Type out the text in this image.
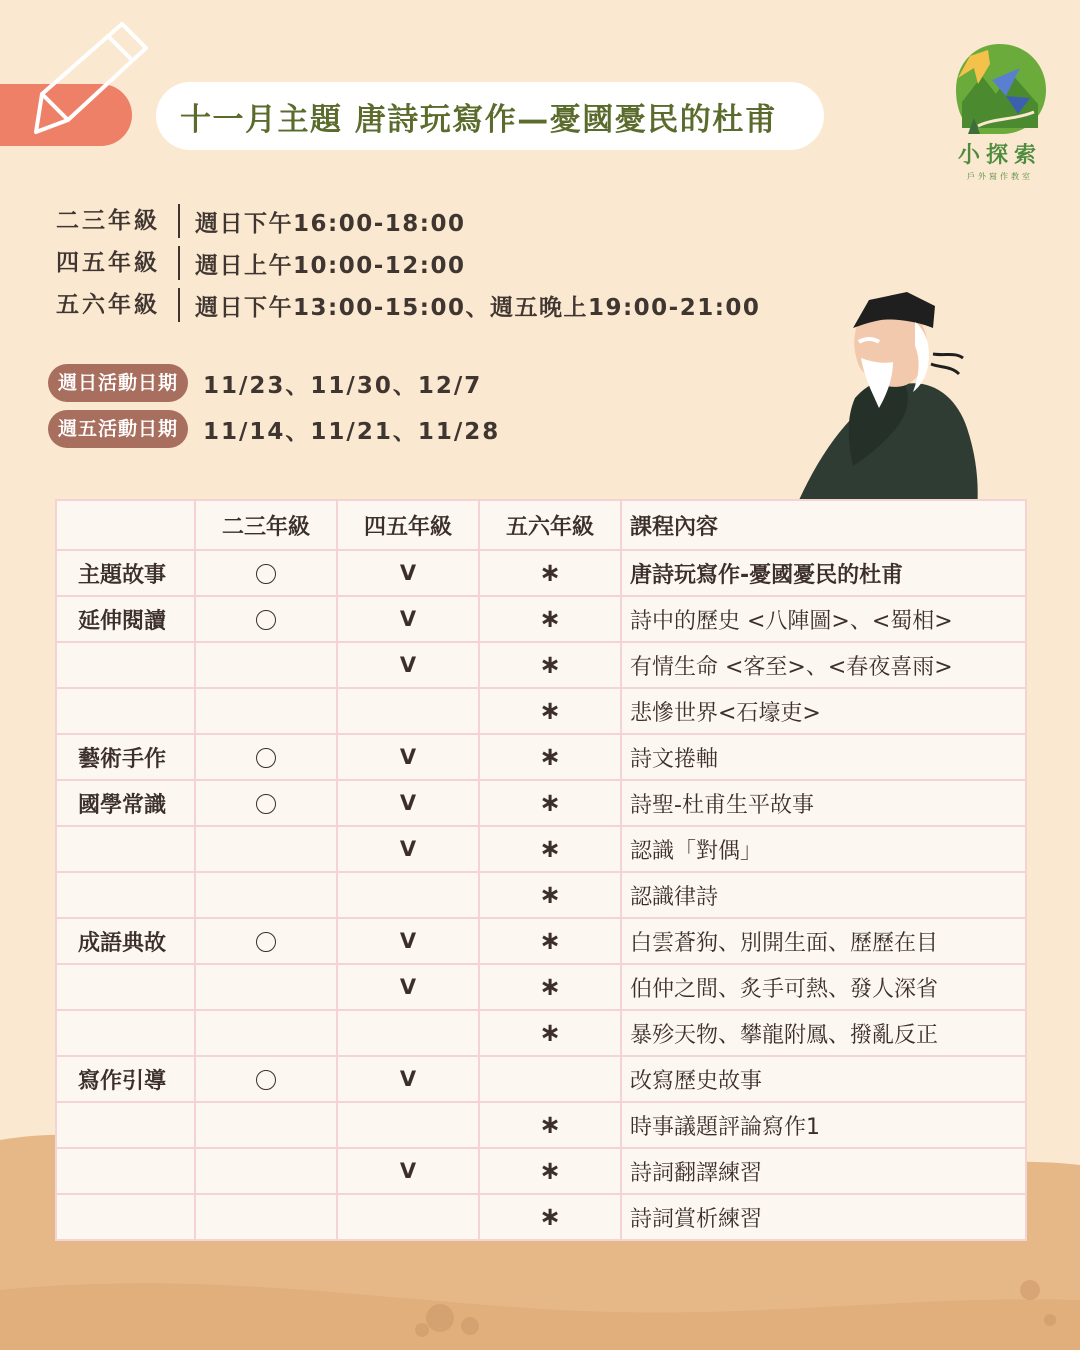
十一月主題 唐詩玩寫作—憂國憂民的杜甫
小探索
戶外寫作教室
二三年級	週日下午16:00-18:00
四五年級	週日上午10:00-12:00
五六年級	週日下午13:00-15:00、週五晚上19:00-21:00
週日活動日期	11/23、11/30、12/7
週五活動日期	11/14、11/21、11/28
	二三年級	四五年級	五六年級	課程內容
主題故事		V	∗	唐詩玩寫作-憂國憂民的杜甫
延伸閱讀		V	∗	詩中的歷史 <八陣圖>、<蜀相>
		V	∗	有情生命 <客至>、<春夜喜雨>
			∗	悲慘世界<石壕吏>
藝術手作		V	∗	詩文捲軸
國學常識		V	∗	詩聖-杜甫生平故事
		V	∗	認識「對偶」
			∗	認識律詩
成語典故		V	∗	白雲蒼狗、別開生面、歷歷在目
		V	∗	伯仲之間、炙手可熱、發人深省
			∗	暴殄天物、攀龍附鳳、撥亂反正
寫作引導		V		改寫歷史故事
			∗	時事議題評論寫作1
		V	∗	詩詞翻譯練習
			∗	詩詞賞析練習
